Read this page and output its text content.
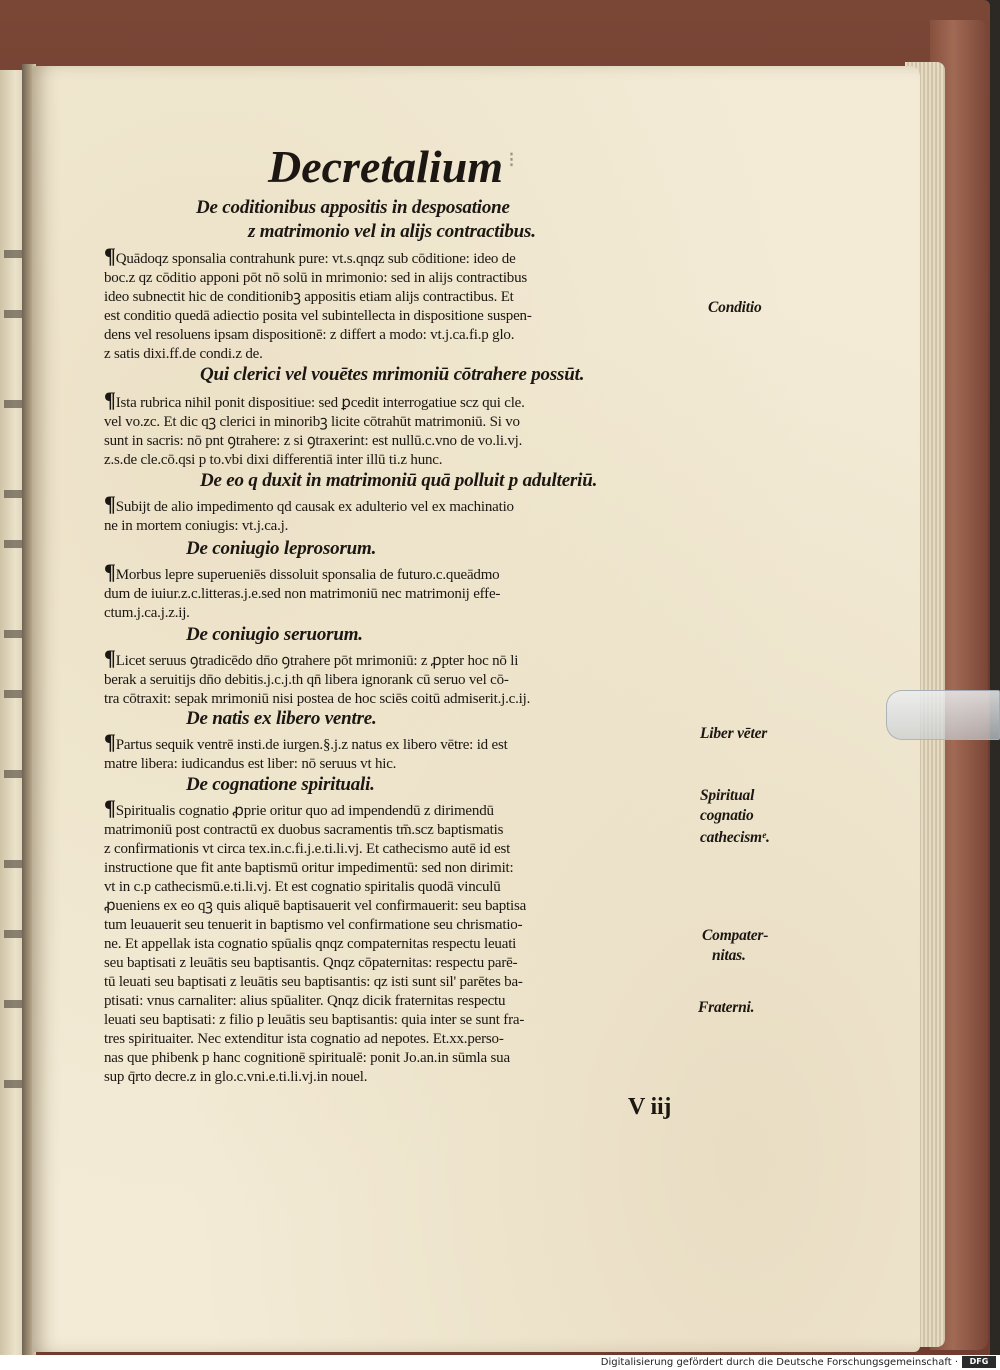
Decretalium ⁝
De coditionibus appositis in desposatione
z matrimonio vel in alijs contractibus.
¶Quādoqz sponsalia contrahunk pure: vt.s.qnqz sub cōditione: ideo de
boc.z qz cōditio apponi pōt nō solū in mrimonio: sed in alijs contractibus
ideo subnectit hic de conditionibꝫ appositis etiam alijs contractibus. Et
est conditio quedā adiectio posita vel subintellecta in dispositione suspen-
dens vel resoluens ipsam dispositionē: z differt a modo: vt.j.ca.fi.p glo.
z satis dixi.ff.de condi.z de.
Qui clerici vel vouētes mrimoniū cōtrahere possūt.
¶Ista rubrica nihil ponit dispositiue: sed ꝑcedit interrogatiue scz qui cle.
vel vo.zc. Et dic qꝫ clerici in minoribꝫ licite cōtrahūt matrimoniū. Si vo
sunt in sacris: nō pnt ꝯtrahere: z si ꝯtraxerint: est nullū.c.vno de vo.li.vj.
z.s.de cle.cō.qsi p to.vbi dixi differentiā inter illū ti.z hunc.
De eo q duxit in matrimoniū quā polluit p adulteriū.
¶Subijt de alio impedimento qd causak ex adulterio vel ex machinatio
ne in mortem coniugis: vt.j.ca.j.
De coniugio leprosorum.
¶Morbus lepre superueniēs dissoluit sponsalia de futuro.c.queādmo
dum de iuiur.z.c.litteras.j.e.sed non matrimoniū nec matrimonij effe-
ctum.j.ca.j.z.ij.
De coniugio seruorum.
¶Licet seruus ꝯtradicēdo dn̄o ꝯtrahere pōt mrimoniū: z ꝓpter hoc nō li
berak a seruitijs dn̄o debitis.j.c.j.th qn̄ libera ignorank cū seruo vel cō-
tra cōtraxit: sepak mrimoniū nisi postea de hoc sciēs coitū admiserit.j.c.ij.
De natis ex libero ventre.
¶Partus sequik ventrē insti.de iurgen.§.j.z natus ex libero vētre: id est
matre libera: iudicandus est liber: nō seruus vt hic.
De cognatione spirituali.
¶Spiritualis cognatio ꝓprie oritur quo ad impendendū z dirimendū
matrimoniū post contractū ex duobus sacramentis tm̄.scz baptismatis
z confirmationis vt circa tex.in.c.fi.j.e.ti.li.vj. Et cathecismo autē id est
instructione que fit ante baptismū oritur impedimentū: sed non dirimit:
vt in c.p cathecismū.e.ti.li.vj. Et est cognatio spiritalis quodā vinculū
ꝓueniens ex eo qꝫ quis aliquē baptisauerit vel confirmauerit: seu baptisa
tum leuauerit seu tenuerit in baptismo vel confirmatione seu chrismatio-
ne. Et appellak ista cognatio spūalis qnqz compaternitas respectu leuati
seu baptisati z leuātis seu baptisantis. Qnqz cōpaternitas: respectu parē-
tū leuati seu baptisati z leuātis seu baptisantis: qz isti sunt sil' parētes ba-
ptisati: vnus carnaliter: alius spūaliter. Qnqz dicik fraternitas respectu
leuati seu baptisati: z filio p leuātis seu baptisantis: quia inter se sunt fra-
tres spirituaiter. Nec extenditur ista cognatio ad nepotes. Et.xx.perso-
nas que phibenk p hanc cognitionē spiritualē: ponit Jo.an.in sūmla sua
sup q̄rto decre.z in glo.c.vni.e.ti.li.vj.in nouel.
Conditio
Liber vēter
Spiritual
cognatio
cathecismᵉ.
Compater-
nitas.
Fraterni.
V iij
Digitalisierung gefördert durch die Deutsche Forschungsgemeinschaft ·	DFG
